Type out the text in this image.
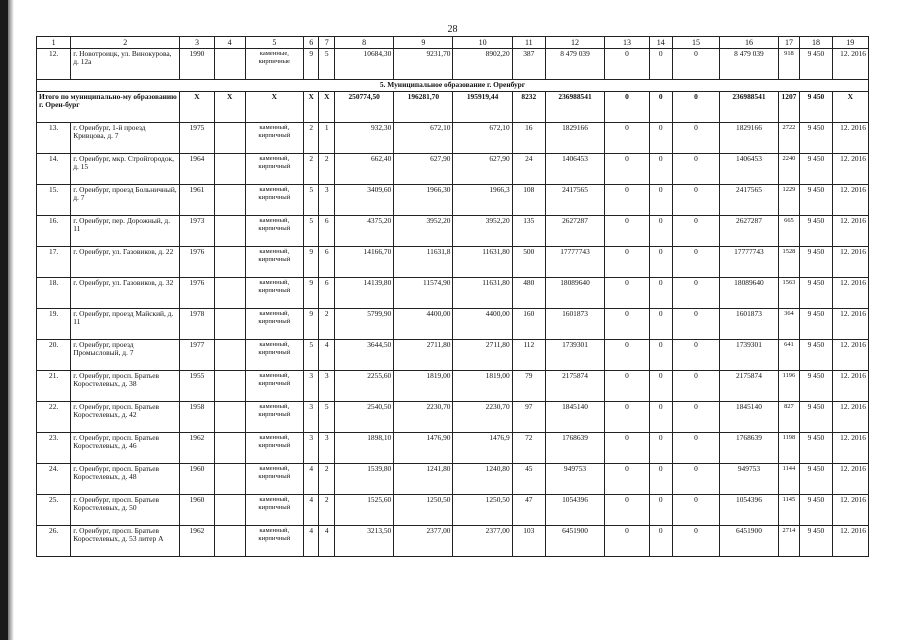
28
1	2	3	4	5	6	7	8	9	10	11	12	13	14	15	16	17	18	19
12.	г. Новотроицк, ул. Винокурова, д. 12а	1990		каменные, кирпичные	9	5	10684,30	9231,70	8902,20	387	8 479 039	0	0	0	8 479 039	918	9 450	12. 2016
5. Муниципальное образование г. Оренбург																		
Итого по муниципально-му образованию г. Орен-бург		X	X	X	X	X	250774,50	196281,70	195919,44	8232	236988541	0	0	0	236988541	1207	9 450	X
13.	г. Оренбург, 1-й проезд Кривцова, д. 7	1975		каменный, кирпичный	2	1	932,30	672,10	672,10	16	1829166	0	0	0	1829166	2722	9 450	12. 2016
14.	г. Оренбург, мкр. Стройгородок, д. 15	1964		каменный, кирпичный	2	2	662,40	627,90	627,90	24	1406453	0	0	0	1406453	2240	9 450	12. 2016
15.	г. Оренбург, проезд Больничный, д. 7	1961		каменный, кирпичный	5	3	3409,60	1966,30	1966,3	108	2417565	0	0	0	2417565	1229	9 450	12. 2016
16.	г. Оренбург, пер. Дорожный, д. 11	1973		каменный, кирпичный	5	6	4375,20	3952,20	3952,20	135	2627287	0	0	0	2627287	665	9 450	12. 2016
17.	г. Оренбург, ул. Газовиков, д. 22	1976		каменный, кирпичный	9	6	14166,70	11631,8	11631,80	500	17777743	0	0	0	17777743	1528	9 450	12. 2016
18.	г. Оренбург, ул. Газовиков, д. 32	1976		каменный, кирпичный	9	6	14139,80	11574,90	11631,80	480	18089640	0	0	0	18089640	1563	9 450	12. 2016
19.	г. Оренбург, проезд Майский, д. 11	1978		каменный, кирпичный	9	2	5799,90	4400,00	4400,00	160	1601873	0	0	0	1601873	364	9 450	12. 2016
20.	г. Оренбург, проезд Промысловый, д. 7	1977		каменный, кирпичный	5	4	3644,50	2711,80	2711,80	112	1739301	0	0	0	1739301	641	9 450	12. 2016
21.	г. Оренбург, просп. Братьев Коростелевых, д. 38	1955		каменный, кирпичный	3	3	2255,60	1819,00	1819,00	79	2175874	0	0	0	2175874	1196	9 450	12. 2016
22.	г. Оренбург, просп. Братьев Коростелевых, д. 42	1958		каменный, кирпичный	3	5	2540,50	2230,70	2230,70	97	1845140	0	0	0	1845140	827	9 450	12. 2016
23.	г. Оренбург, просп. Братьев Коростелевых, д. 46	1962		каменный, кирпичный	3	3	1898,10	1476,90	1476,9	72	1768639	0	0	0	1768639	1198	9 450	12. 2016
24.	г. Оренбург, просп. Братьев Коростелевых, д. 48	1960		каменный, кирпичный	4	2	1539,80	1241,80	1240,80	45	949753	0	0	0	949753	1144	9 450	12. 2016
25.	г. Оренбург, просп. Братьев Коростелевых, д. 50	1960		каменный, кирпичный	4	2	1525,60	1250,50	1250,50	47	1054396	0	0	0	1054396	1145	9 450	12. 2016
26.	г. Оренбург, просп. Братьев Коростелевых, д. 53 литер А	1962		каменный, кирпичный	4	4	3213,50	2377,00	2377,00	103	6451900	0	0	0	6451900	2714	9 450	12. 2016
